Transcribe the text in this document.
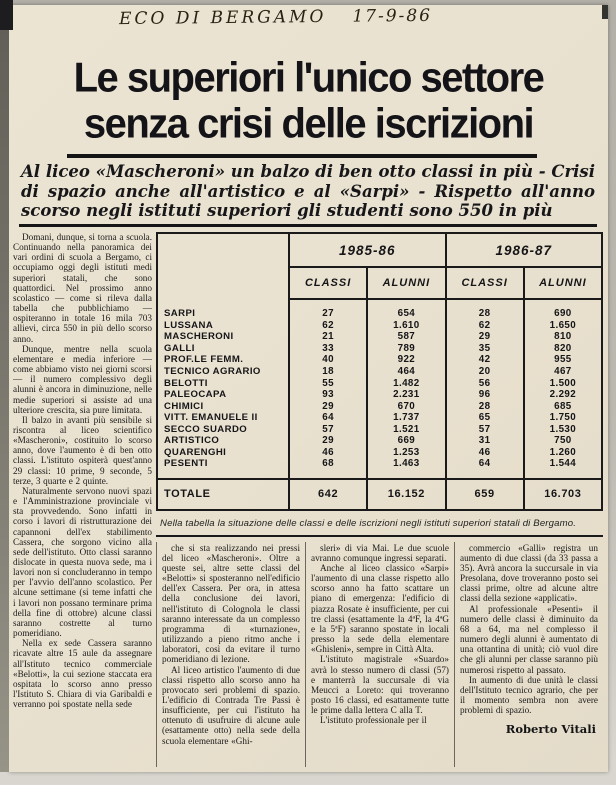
ECO DI BERGAMO 17-9-86
Le superiori l'unico settore
senza crisi delle iscrizioni

Al liceo «Mascheroni» un balzo di ben otto classi in più - Crisi di spazio anche all'artistico e al «Sarpi» - Rispetto all'anno scorso negli istituti superiori gli studenti sono 550 in più

Domani, dunque, si torna a scuola. Continuando nella panoramica dei vari ordini di scuola a Bergamo, ci occupiamo oggi degli istituti medi superiori statali, che sono quattordici. Nel prossimo anno scolastico — come si rileva dalla tabella che pubblichiamo — ospiteranno in totale 16 mila 703 allievi, circa 550 in più dello scorso anno.

Dunque, mentre nella scuola elementare e media inferiore — come abbiamo visto nei giorni scorsi — il numero complessivo degli alunni è ancora in diminuzione, nelle medie superiori si assiste ad una ulteriore crescita, sia pure limitata.

Il balzo in avanti più sensibile si riscontra al liceo scientifico «Mascheroni», costituito lo scorso anno, dove l'aumento è di ben otto classi. L'istituto ospiterà quest'anno 29 classi: 10 prime, 9 seconde, 5 terze, 3 quarte e 2 quinte.

Naturalmente servono nuovi spazi e l'Amministrazione provinciale vi sta provvedendo. Sono infatti in corso i lavori di ristrutturazione dei capannoni dell'ex stabilimento Cassera, che sorgono vicino alla sede dell'istituto. Otto classi saranno dislocate in questa nuova sede, ma i lavori non si concluderanno in tempo per l'avvio dell'anno scolastico. Per alcune settimane (si teme infatti che i lavori non possano terminare prima della fine di ottobre) alcune classi saranno costrette al turno pomeridiano.

Nella ex sede Cassera saranno ricavate altre 15 aule da assegnare all'Istituto tecnico commerciale «Belotti», la cui sezione staccata era ospitata lo scorso anno presso l'Istituto S. Chiara di via Garibaldi e verranno poi spostate nella sede

	1985-86		1986-87	
	CLASSI	ALUNNI	CLASSI	ALUNNI
SARPI	27	654	28	690
LUSSANA	62	1.610	62	1.650
MASCHERONI	21	587	29	810
GALLI	33	789	35	820
PROF.LE FEMM.	40	922	42	955
TECNICO AGRARIO	18	464	20	467
BELOTTI	55	1.482	56	1.500
PALEOCAPA	93	2.231	96	2.292
CHIMICI	29	670	28	685
VITT. EMANUELE II	64	1.737	65	1.750
SECCO SUARDO	57	1.521	57	1.530
ARTISTICO	29	669	31	750
QUARENGHI	46	1.253	46	1.260
PESENTI	68	1.463	64	1.544
TOTALE	642	16.152	659	16.703
Nella tabella la situazione delle classi e delle iscrizioni negli istituti superiori statali di Bergamo.

che si sta realizzando nei pressi del liceo «Mascheroni». Oltre a queste sei, altre sette classi del «Belotti» si sposteranno nell'edificio dell'ex Cassera. Per ora, in attesa della conclusione dei lavori, nell'istituto di Colognola le classi saranno interessate da un complesso programma di «turnazione», utilizzando a pieno ritmo anche i laboratori, così da evitare il turno pomeridiano di lezione.

Al liceo artistico l'aumento di due classi rispetto allo scorso anno ha provocato seri problemi di spazio. L'edificio di Contrada Tre Passi è insufficiente, per cui l'istituto ha ottenuto di usufruire di alcune aule (esattamente otto) nella sede della scuola elementare «Ghi-

sleri» di via Mai. Le due scuole avranno comunque ingressi separati.

Anche al liceo classico «Sarpi» l'aumento di una classe rispetto allo scorso anno ha fatto scattare un piano di emergenza: l'edificio di piazza Rosate è insufficiente, per cui tre classi (esattamente la 4ªF, la 4ªG e la 5ªF) saranno spostate in locali presso la sede della elementare «Ghisleni», sempre in Città Alta.

L'istituto magistrale «Suardo» avrà lo stesso numero di classi (57) e manterrà la succursale di via Meucci a Loreto: qui troveranno posto 16 classi, ed esattamente tutte le prime dalla lettera C alla T.

L'istituto professionale per il

commercio «Galli» registra un aumento di due classi (da 33 passa a 35). Avrà ancora la succursale in via Presolana, dove troveranno posto sei classi prime, oltre ad alcune altre classi della sezione «applicati».

Al professionale «Pesenti» il numero delle classi è diminuito da 68 a 64, ma nel complesso il numero degli alunni è aumentato di una ottantina di unità; ciò vuol dire che gli alunni per classe saranno più numerosi rispetto al passato.

In aumento di due unità le classi dell'Istituto tecnico agrario, che per il momento sembra non avere problemi di spazio.

Roberto Vitali
